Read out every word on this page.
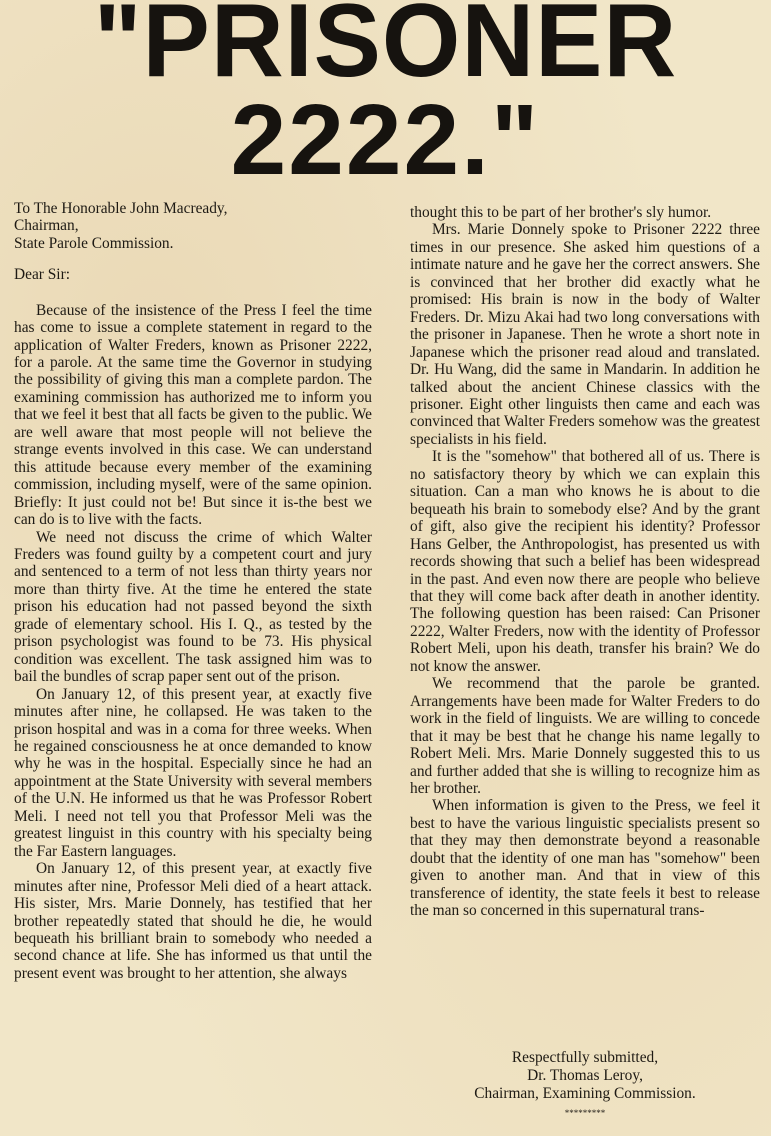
"PRISONER
2222."
To The Honorable John Macready,
Chairman,
State Parole Commission.
Dear Sir:

Because of the insistence of the Press I feel the time has come to issue a complete statement in regard to the application of Walter Freders, known as Prisoner 2222, for a parole. At the same time the Governor in studying the possibility of giving this man a complete pardon. The examining commission has authorized me to inform you that we feel it best that all facts be given to the public. We are well aware that most people will not believe the strange events involved in this case. We can understand this attitude because every member of the examining commission, including myself, were of the same opinion. Briefly: It just could not be! But since it is-the best we can do is to live with the facts.

We need not discuss the crime of which Walter Freders was found guilty by a competent court and jury and sentenced to a term of not less than thirty years nor more than thirty five. At the time he entered the state prison his education had not passed beyond the sixth grade of elementary school. His I. Q., as tested by the prison psychologist was found to be 73. His physical condition was excellent. The task assigned him was to bail the bundles of scrap paper sent out of the prison.

On January 12, of this present year, at exactly five minutes after nine, he collapsed. He was taken to the prison hospital and was in a coma for three weeks. When he regained consciousness he at once demanded to know why he was in the hospital. Especially since he had an appointment at the State University with several members of the U.N. He informed us that he was Professor Robert Meli. I need not tell you that Professor Meli was the greatest linguist in this country with his specialty being the Far Eastern languages.

On January 12, of this present year, at exactly five minutes after nine, Professor Meli died of a heart attack. His sister, Mrs. Marie Donnely, has testified that her brother repeatedly stated that should he die, he would bequeath his brilliant brain to somebody who needed a second chance at life. She has informed us that until the present event was brought to her attention, she always

thought this to be part of her brother's sly humor.

Mrs. Marie Donnely spoke to Prisoner 2222 three times in our presence. She asked him questions of a intimate nature and he gave her the correct answers. She is convinced that her brother did exactly what he promised: His brain is now in the body of Walter Freders. Dr. Mizu Akai had two long conversations with the prisoner in Japanese. Then he wrote a short note in Japanese which the prisoner read aloud and translated. Dr. Hu Wang, did the same in Mandarin. In addition he talked about the ancient Chinese classics with the prisoner. Eight other linguists then came and each was convinced that Walter Freders somehow was the greatest specialists in his field.

It is the "somehow" that bothered all of us. There is no satisfactory theory by which we can explain this situation. Can a man who knows he is about to die bequeath his brain to somebody else? And by the grant of gift, also give the recipient his identity? Professor Hans Gelber, the Anthropologist, has presented us with records showing that such a belief has been widespread in the past. And even now there are people who believe that they will come back after death in another identity. The following question has been raised: Can Prisoner 2222, Walter Freders, now with the identity of Professor Robert Meli, upon his death, transfer his brain? We do not know the answer.

We recommend that the parole be granted. Arrangements have been made for Walter Freders to do work in the field of linguists. We are willing to concede that it may be best that he change his name legally to Robert Meli. Mrs. Marie Donnely suggested this to us and further added that she is willing to recognize him as her brother.

When information is given to the Press, we feel it best to have the various linguistic specialists present so that they may then demonstrate beyond a reasonable doubt that the identity of one man has "somehow" been given to another man. And that in view of this transference of identity, the state feels it best to release the man so concerned in this supernatural trans-

Respectfully submitted,
Dr. Thomas Leroy,
Chairman, Examining Commission.
*********
